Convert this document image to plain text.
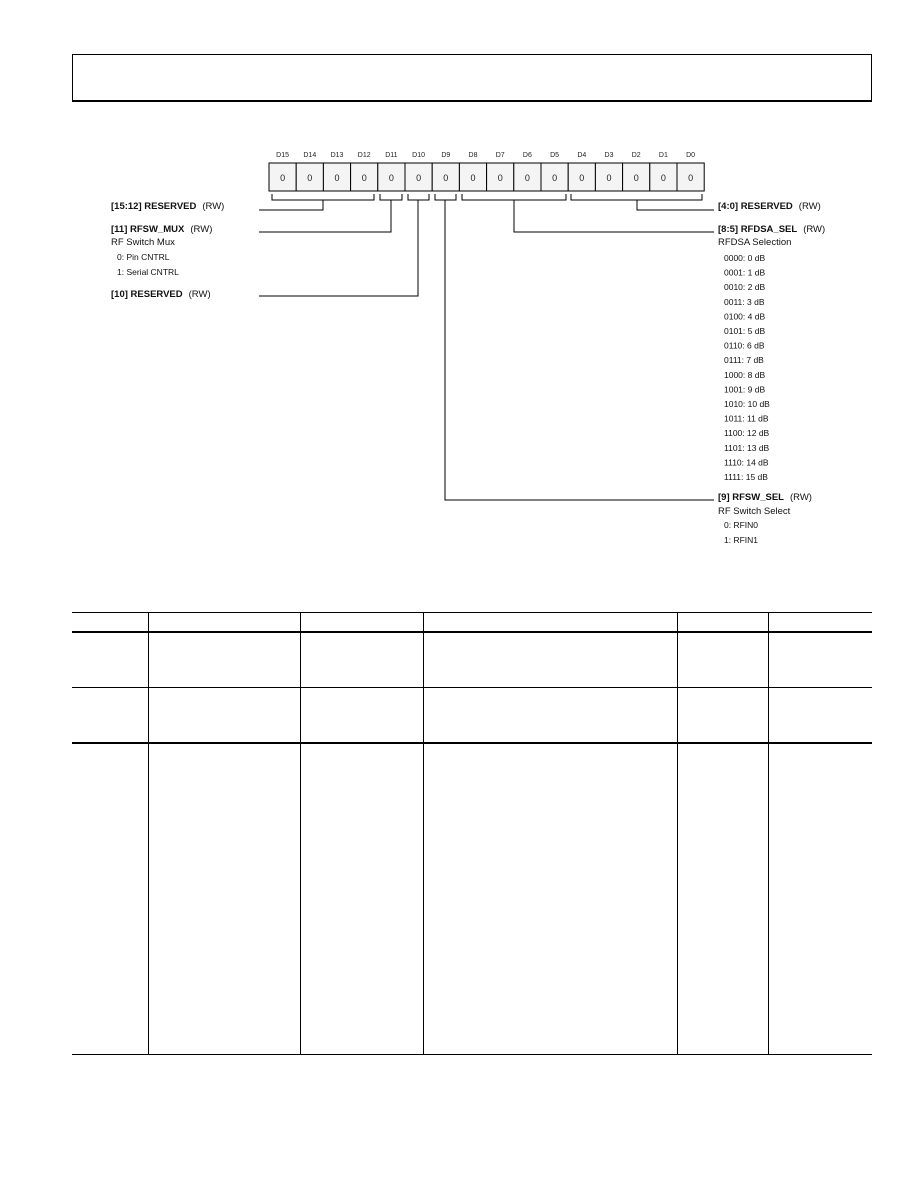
D15 D14 D13 D12 D11 D10 D9	D8	D7	D6	D5	D4	D3	D2	D1	D0
0 0 0 0 0 0 0 0 0 0 0 0 0 0 0 0
[15:12] RESERVED (RW)
[11] RFSW_MUX (RW)
RF Switch Mux
0: Pin CNTRL
1: Serial CNTRL
[10] RESERVED (RW)
[4:0] RESERVED (RW)
[8:5] RFDSA_SEL (RW)
RFDSA Selection
0000: 0 dB
0001: 1 dB
0010: 2 dB
0011: 3 dB
0100: 4 dB
0101: 5 dB
0110: 6 dB
0111: 7 dB
1000: 8 dB
1001: 9 dB
1010: 10 dB
1011: 11 dB
1100: 12 dB
1101: 13 dB
1110: 14 dB
1111: 15 dB
[9] RFSW_SEL (RW)
RF Switch Select
0: RFIN0
1: RFIN1
